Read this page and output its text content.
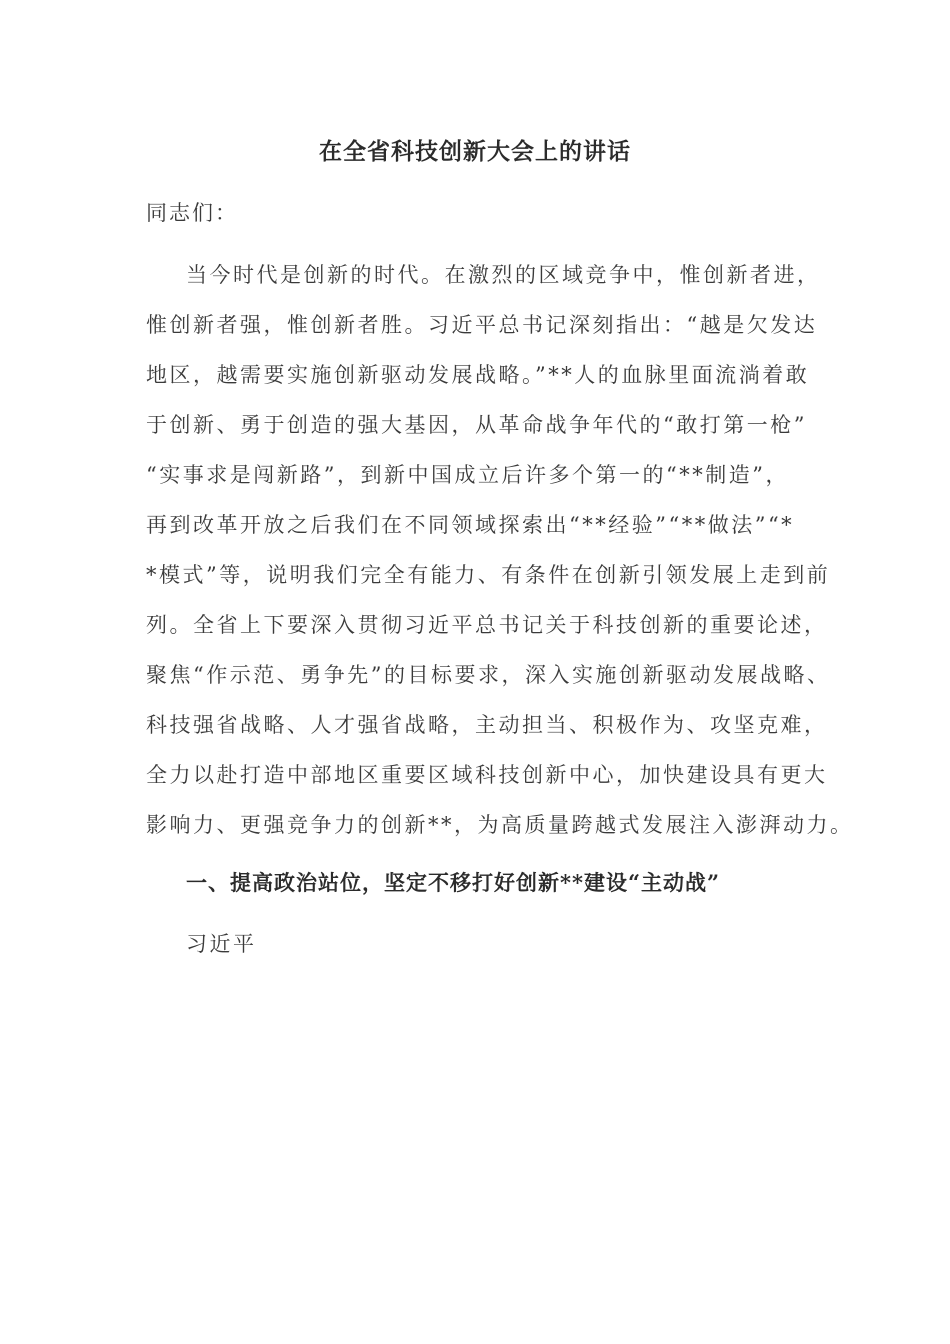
在全省科技创新大会上的讲话
同志们：
当今时代是创新的时代。在激烈的区域竞争中，惟创新者进，
惟创新者强，惟创新者胜。习近平总书记深刻指出：“越是欠发达
地区，越需要实施创新驱动发展战略。”**人的血脉里面流淌着敢
于创新、勇于创造的强大基因，从革命战争年代的“敢打第一枪”
“实事求是闯新路”，到新中国成立后许多个第一的“**制造”，
再到改革开放之后我们在不同领域探索出“**经验”“**做法”“*
*模式”等，说明我们完全有能力、有条件在创新引领发展上走到前
列。全省上下要深入贯彻习近平总书记关于科技创新的重要论述，
聚焦“作示范、勇争先”的目标要求，深入实施创新驱动发展战略、
科技强省战略、人才强省战略，主动担当、积极作为、攻坚克难，
全力以赴打造中部地区重要区域科技创新中心，加快建设具有更大
影响力、更强竞争力的创新**，为高质量跨越式发展注入澎湃动力。
一、提高政治站位，坚定不移打好创新**建设“主动战”
习近平
